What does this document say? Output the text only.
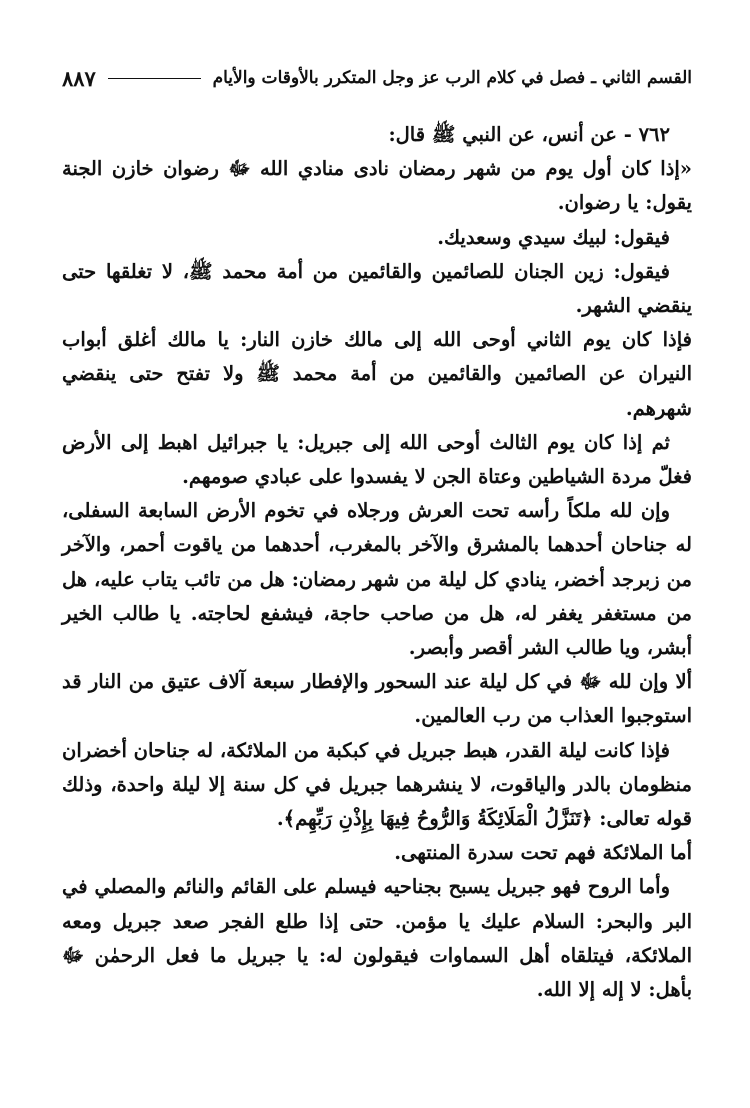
القسم الثاني ـ فصل في كلام الرب عز وجل المتكرر بالأوقات والأيام
٨٨٧

٧٦٢ - عن أنس، عن النبي ﷺ قال:

«إذا كان أول يوم من شهر رمضان نادى منادي الله ﷻ رضوان خازن الجنة يقول: يا رضوان.

فيقول: لبيك سيدي وسعديك.

فيقول: زين الجنان للصائمين والقائمين من أمة محمد ﷺ، لا تغلقها حتى ينقضي الشهر.

فإذا كان يوم الثاني أوحى الله إلى مالك خازن النار: يا مالك أغلق أبواب النيران عن الصائمين والقائمين من أمة محمد ﷺ ولا تفتح حتى ينقضي شهرهم.

ثم إذا كان يوم الثالث أوحى الله إلى جبريل: يا جبرائيل اهبط إلى الأرض فغلّ مردة الشياطين وعتاة الجن لا يفسدوا على عبادي صومهم.

وإن لله ملكاً رأسه تحت العرش ورجلاه في تخوم الأرض السابعة السفلى، له جناحان أحدهما بالمشرق والآخر بالمغرب، أحدهما من ياقوت أحمر، والآخر من زبرجد أخضر، ينادي كل ليلة من شهر رمضان: هل من تائب يتاب عليه، هل من مستغفر يغفر له، هل من صاحب حاجة، فيشفع لحاجته. يا طالب الخير أبشر، ويا طالب الشر أقصر وأبصر.

ألا وإن لله ﷻ في كل ليلة عند السحور والإفطار سبعة آلاف عتيق من النار قد استوجبوا العذاب من رب العالمين.

فإذا كانت ليلة القدر، هبط جبريل في كبكبة من الملائكة، له جناحان أخضران منظومان بالدر والياقوت، لا ينشرهما جبريل في كل سنة إلا ليلة واحدة، وذلك قوله تعالى: ﴿تَنَزَّلُ الْمَلَائِكَةُ وَالرُّوحُ فِيهَا بِإِذْنِ رَبِّهِم﴾.

أما الملائكة فهم تحت سدرة المنتهى.

وأما الروح فهو جبريل يسبح بجناحيه فيسلم على القائم والنائم والمصلي في البر والبحر: السلام عليك يا مؤمن. حتى إذا طلع الفجر صعد جبريل ومعه الملائكة، فيتلقاه أهل السماوات فيقولون له: يا جبريل ما فعل الرحمٰن ﷻ بأهل: لا إله إلا الله.
